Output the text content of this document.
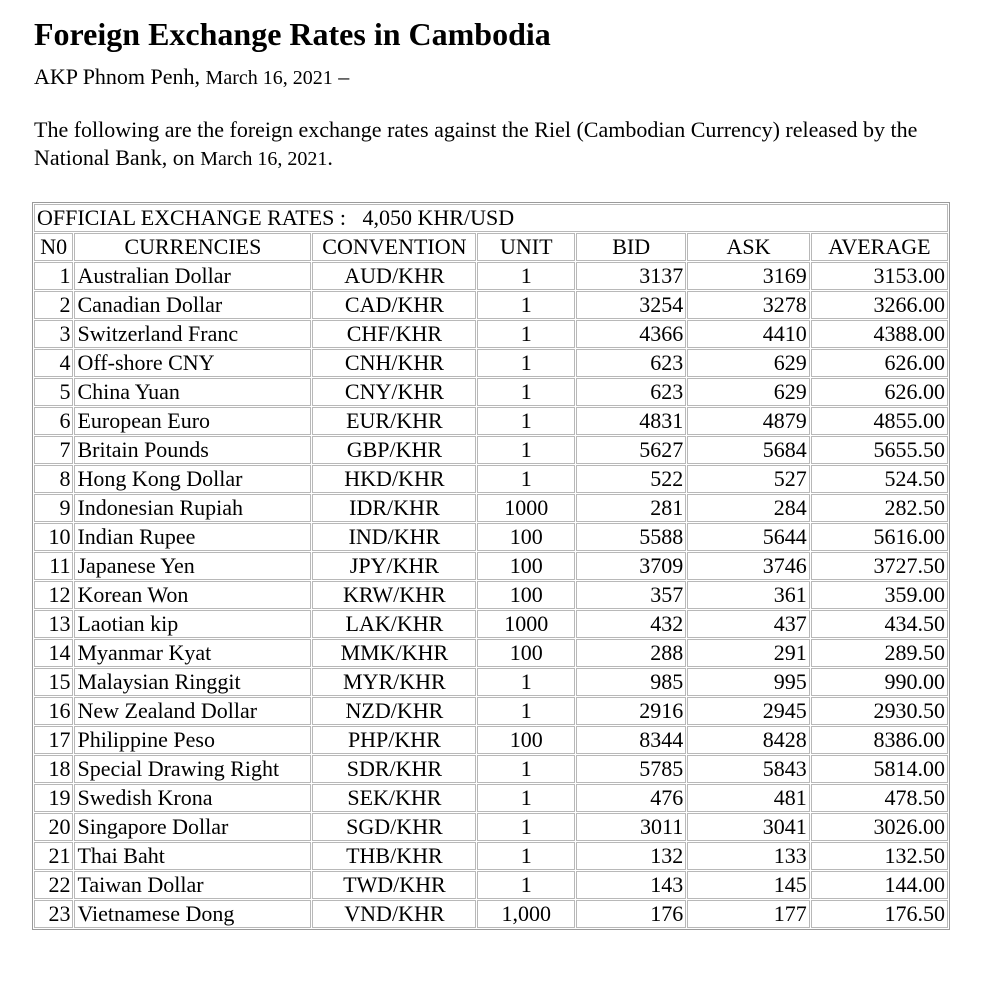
Foreign Exchange Rates in Cambodia
AKP Phnom Penh, March 16, 2021 –
The following are the foreign exchange rates against the Riel (Cambodian Currency) released by the National Bank, on March 16, 2021.
OFFICIAL EXCHANGE RATES :   4,050 KHR/USD						
N0	CURRENCIES	CONVENTION	UNIT	BID	ASK	AVERAGE
1	Australian Dollar	AUD/KHR	1	3137	3169	3153.00
2	Canadian Dollar	CAD/KHR	1	3254	3278	3266.00
3	Switzerland Franc	CHF/KHR	1	4366	4410	4388.00
4	Off-shore CNY	CNH/KHR	1	623	629	626.00
5	China Yuan	CNY/KHR	1	623	629	626.00
6	European Euro	EUR/KHR	1	4831	4879	4855.00
7	Britain Pounds	GBP/KHR	1	5627	5684	5655.50
8	Hong Kong Dollar	HKD/KHR	1	522	527	524.50
9	Indonesian Rupiah	IDR/KHR	1000	281	284	282.50
10	Indian Rupee	IND/KHR	100	5588	5644	5616.00
11	Japanese Yen	JPY/KHR	100	3709	3746	3727.50
12	Korean Won	KRW/KHR	100	357	361	359.00
13	Laotian kip	LAK/KHR	1000	432	437	434.50
14	Myanmar Kyat	MMK/KHR	100	288	291	289.50
15	Malaysian Ringgit	MYR/KHR	1	985	995	990.00
16	New Zealand Dollar	NZD/KHR	1	2916	2945	2930.50
17	Philippine Peso	PHP/KHR	100	8344	8428	8386.00
18	Special Drawing Right	SDR/KHR	1	5785	5843	5814.00
19	Swedish Krona	SEK/KHR	1	476	481	478.50
20	Singapore Dollar	SGD/KHR	1	3011	3041	3026.00
21	Thai Baht	THB/KHR	1	132	133	132.50
22	Taiwan Dollar	TWD/KHR	1	143	145	144.00
23	Vietnamese Dong	VND/KHR	1,000	176	177	176.50
